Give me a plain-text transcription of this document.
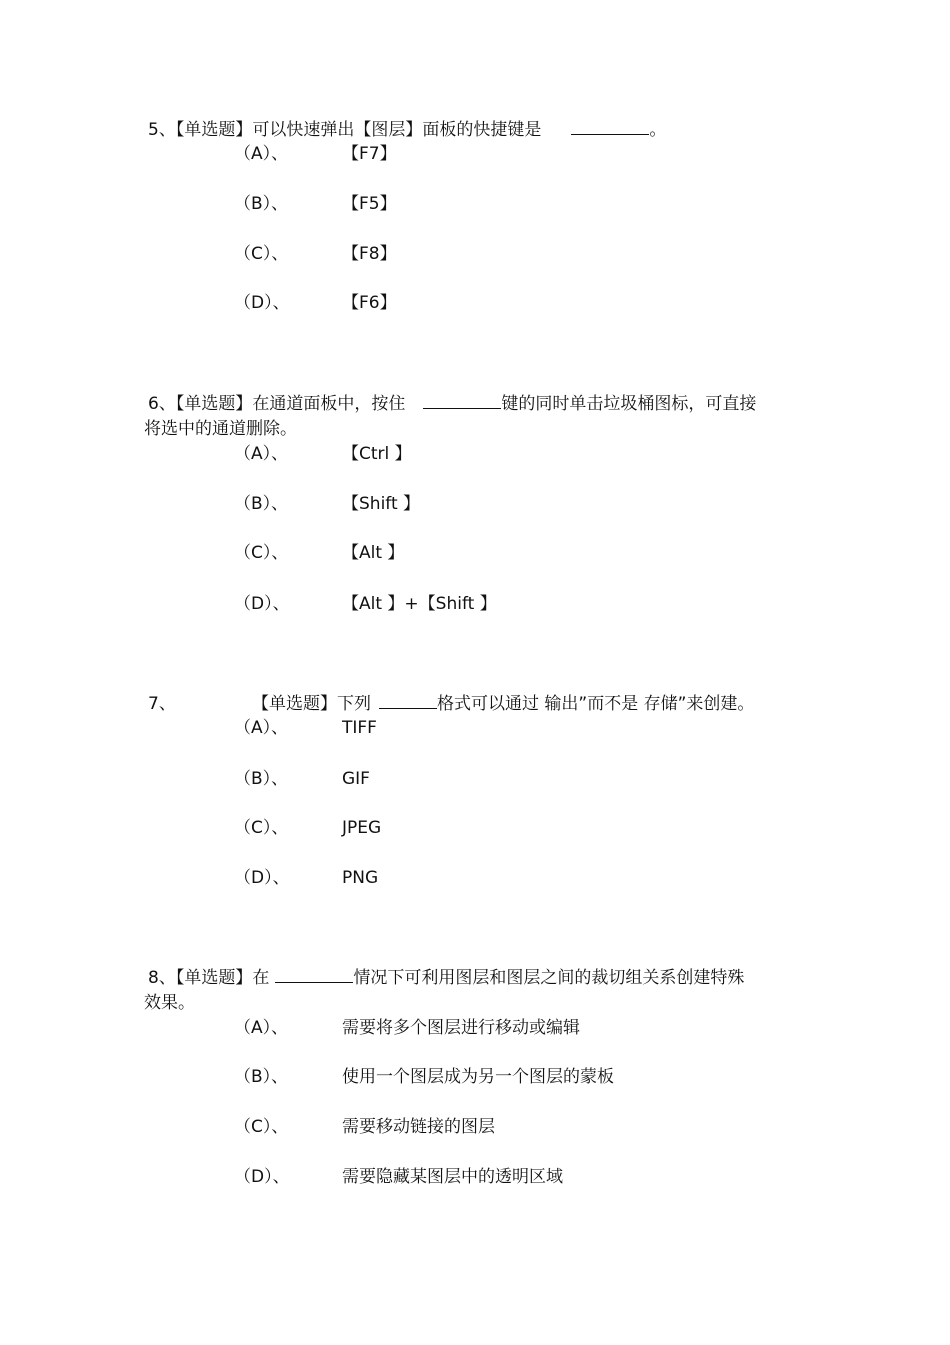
5、【单选题】可以快速弹出【图层】面板的快捷键是	。
（A）、	【F7】
（B）、	【F5】
（C）、	【F8】
（D）、	【F6】
6、【单选题】在通道面板中，按住	键的同时单击垃圾桶图标，可直接
将选中的通道删除。
（A）、	【Ctrl 】
（B）、	【Shift 】
（C）、	【Alt 】
（D）、	【Alt 】+【Shift 】
7、	【单选题】下列	格式可以通过 输出”而不是 存储”来创建。
（A）、	TIFF
（B）、	GIF
（C）、	JPEG
（D）、	PNG
8、【单选题】在	情况下可利用图层和图层之间的裁切组关系创建特殊
效果。
（A）、	需要将多个图层进行移动或编辑
（B）、	使用一个图层成为另一个图层的蒙板
（C）、	需要移动链接的图层
（D）、	需要隐藏某图层中的透明区域
